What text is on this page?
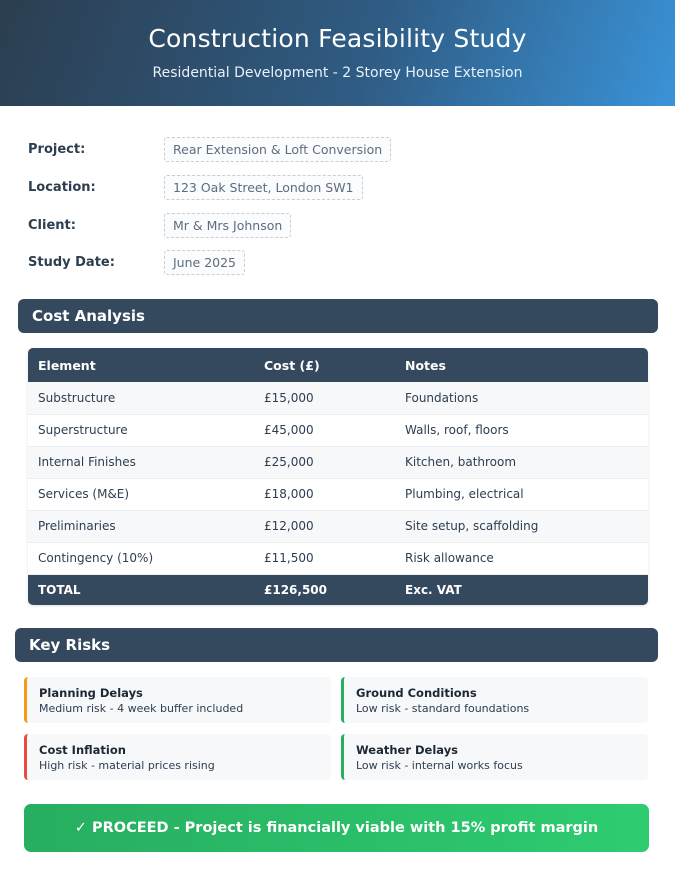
Construction Feasibility Study

Residential Development - 2 Storey House Extension

Project:	Rear Extension & Loft Conversion
Location:	123 Oak Street, London SW1
Client:	Mr & Mrs Johnson
Study Date:	June 2025
Cost Analysis
Element	Cost (£)	Notes
Substructure	£15,000	Foundations
Superstructure	£45,000	Walls, roof, floors
Internal Finishes	£25,000	Kitchen, bathroom
Services (M&E)	£18,000	Plumbing, electrical
Preliminaries	£12,000	Site setup, scaffolding
Contingency (10%)	£11,500	Risk allowance
TOTAL	£126,500	Exc. VAT
Key Risks
Planning Delays
Medium risk - 4 week buffer included
Ground Conditions
Low risk - standard foundations
Cost Inflation
High risk - material prices rising
Weather Delays
Low risk - internal works focus
✓ PROCEED - Project is financially viable with 15% profit margin
